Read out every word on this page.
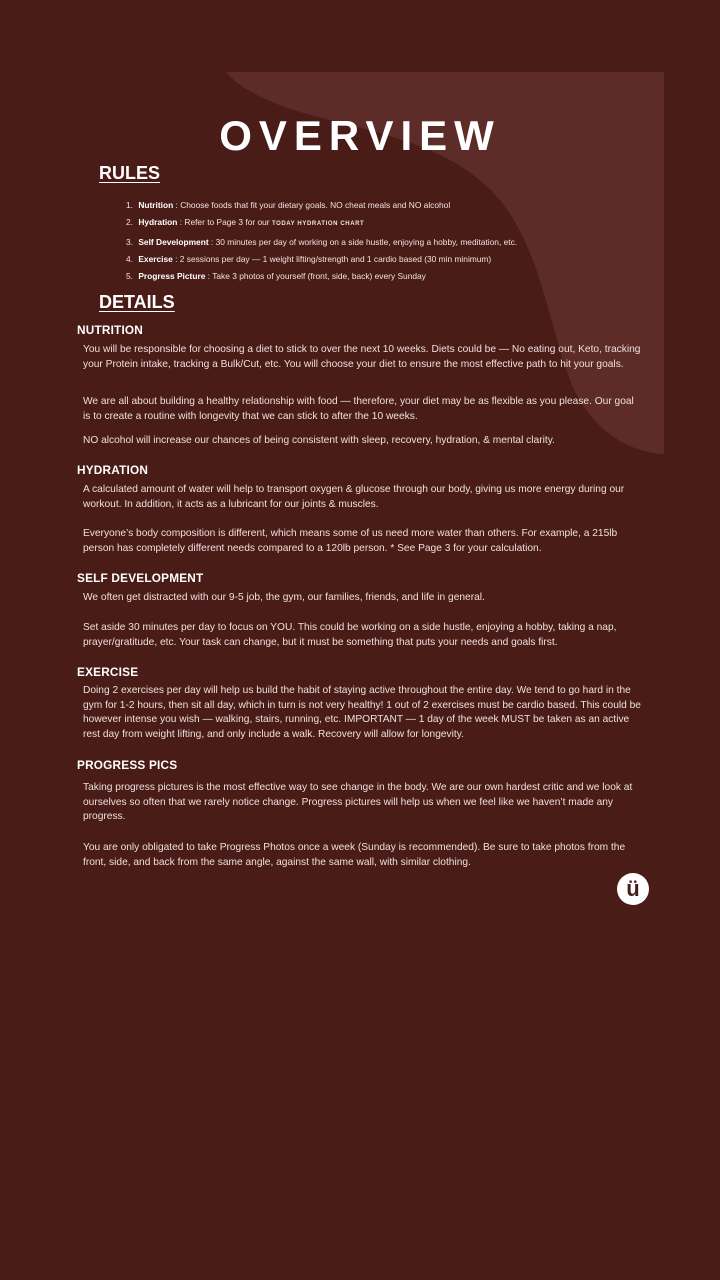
OVERVIEW
RULES
1. Nutrition : Choose foods that fit your dietary goals. NO cheat meals and NO alcohol
2. Hydration : Refer to Page 3 for our TODAY HYDRATION CHART
3. Self Development : 30 minutes per day of working on a side hustle, enjoying a hobby, meditation, etc.
4. Exercise : 2 sessions per day — 1 weight lifting/strength and 1 cardio based (30 min minimum)
5. Progress Picture : Take 3 photos of yourself (front, side, back) every Sunday
DETAILS
NUTRITION

You will be responsible for choosing a diet to stick to over the next 10 weeks. Diets could be — No eating out, Keto, tracking your Protein intake, tracking a Bulk/Cut, etc. You will choose your diet to ensure the most effective path to hit your goals.

We are all about building a healthy relationship with food — therefore, your diet may be as flexible as you please. Our goal is to create a routine with longevity that we can stick to after the 10 weeks.

NO alcohol will increase our chances of being consistent with sleep, recovery, hydration, & mental clarity.

HYDRATION

A calculated amount of water will help to transport oxygen & glucose through our body, giving us more energy during our workout. In addition, it acts as a lubricant for our joints & muscles.

Everyone’s body composition is different, which means some of us need more water than others. For example, a 215lb person has completely different needs compared to a 120lb person. * See Page 3 for your calculation.

SELF DEVELOPMENT

We often get distracted with our 9-5 job, the gym, our families, friends, and life in general.

Set aside 30 minutes per day to focus on YOU. This could be working on a side hustle, enjoying a hobby, taking a nap, prayer/gratitude, etc. Your task can change, but it must be something that puts your needs and goals first.

EXERCISE

Doing 2 exercises per day will help us build the habit of staying active throughout the entire day. We tend to go hard in the gym for 1-2 hours, then sit all day, which in turn is not very healthy! 1 out of 2 exercises must be cardio based. This could be however intense you wish — walking, stairs, running, etc. IMPORTANT — 1 day of the week MUST be taken as an active rest day from weight lifting, and only include a walk. Recovery will allow for longevity.

PROGRESS PICS

Taking progress pictures is the most effective way to see change in the body. We are our own hardest critic and we look at ourselves so often that we rarely notice change. Progress pictures will help us when we feel like we haven’t made any progress.

You are only obligated to take Progress Photos once a week (Sunday is recommended). Be sure to take photos from the front, side, and back from the same angle, against the same wall, with similar clothing.

ü
